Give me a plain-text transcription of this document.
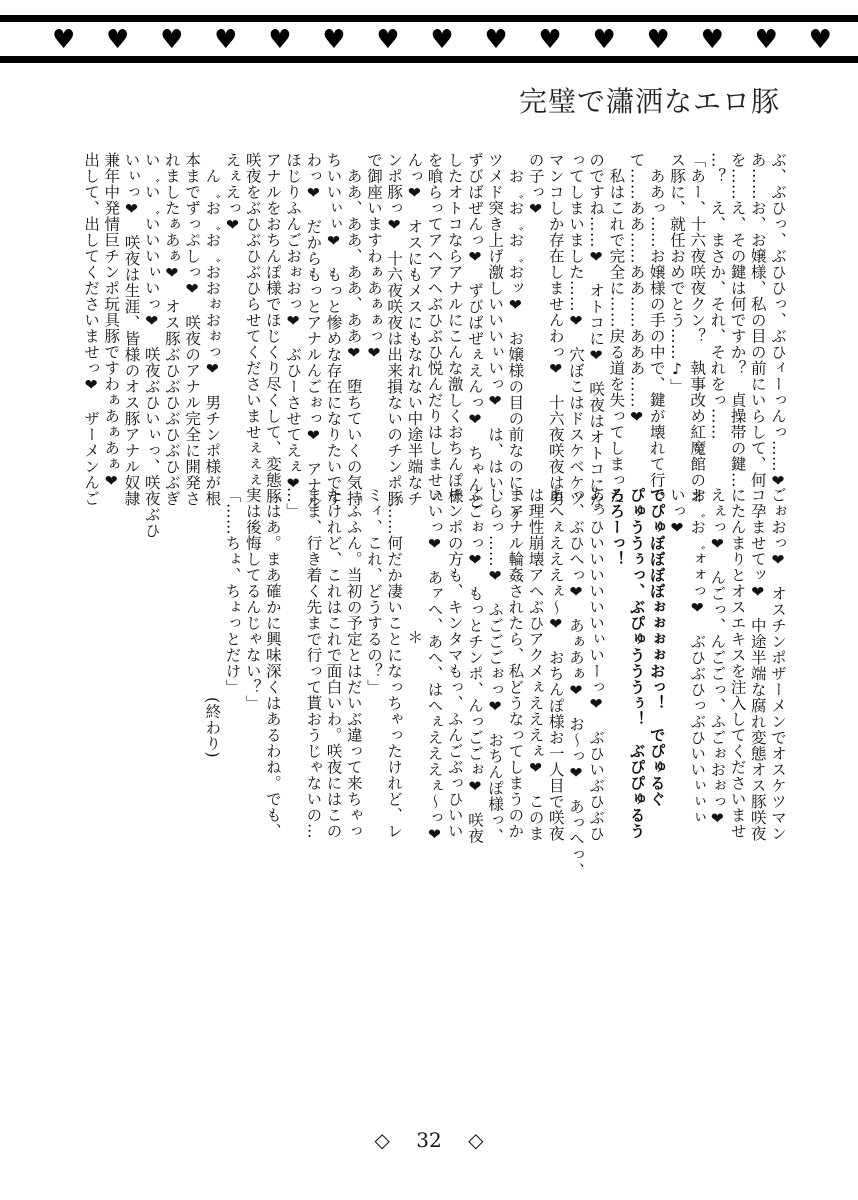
♥ ♥ ♥ ♥ ♥ ♥ ♥ ♥ ♥ ♥ ♥ ♥ ♥ ♥ ♥
完璧で瀟洒なエロ豚
ぶ、ぶひっ、ぶひひっ、ぶひィーっんっ……❤
あ……お、お嬢様、私の目の前にいらして、何
を……え、その鍵は何ですか？　貞操帯の鍵…
…？　え、まさか、それ、それをっ……
「あー、十六夜咲夜クン？　執事改め紅魔館のオ
ス豚に、就任おめでとう……♪」
　ああっ……お嬢様の手の中で、鍵が壊れて行っ
て……ああ……ああ……あああ……❤
　私はこれで完全に……戻る道を失ってしまった
のですね……❤　オトコに❤　咲夜はオトコにな
ってしまいました……❤　穴ぼこはドスケベケツ
マンコしか存在しませんわっ❤　十六夜咲夜は男
の子っ❤
　お゛お゛お゛おッ❤　お嬢様の目の前なのに、ケ
ツメド突き上げ激しいいいぃいっ❤　は、はい、
ずびばぜんっ❤　ずびばぜぇえんっ❤　ちゃんと
したオトコならアナルにこんな激しくおちんぽ様
を喰らってアヘアヘぶひぶひ悦んだりはしませぇ
んっ❤　オスにもメスにもなれない中途半端なチ
ンポ豚っ❤　十六夜咲夜は出来損ないのチンポ豚
で御座いますわぁあぁぁっ❤
　ああ、ああ、ああ、ああ❤　堕ちていくの気持
ちいいぃぃ❤　もっと惨めな存在になりたいです
わっ❤　だからもっとアナルんごぉっ❤　アナル
ほじりふんごおぉおっ❤　ぶひーさせてえぇ❤
アナルをおちんぽ様でほじくり尽くして、変態豚
咲夜をぶひぶひぶひらせてくださいませぇぇぇ
えぇえっ❤
　ん゛お゛お゛おおぉおぉっ❤　男チンポ様が根
本までずっぷしっ❤　咲夜のアナル完全に開発さ
れましたぁあぁ❤　オス豚ぶひぶひぶひぶひぶぎ
い゛い゛いいいぃいっ❤　咲夜ぶひいぃっ、咲夜ぶひ
いぃっ❤　咲夜は生涯、皆様のオス豚アナル奴隷
兼年中発情巨チンポ玩具豚ですわぁあぁあぁ❤
出して、出してくださいませっ❤　ザーメンんご
ごぉおっ❤　オスチンポザーメンでオスケツマン
コ孕ませてッ❤　中途半端な腐れ変態オス豚咲夜
にたんまりとオスエキスを注入してくださいませ
えぇっ❤　んごっ、んごごっ、ふごぉおぉっ❤
お゛お゛ォォっ❤　ぶひぶひっぶひいいぃぃぃ
いっ❤
でぴゅぼぼぼぼぉぉぉぉおっ！　でぴゅるぐ
ぴゅううぅっ、ぶぴゅうううぅ！　ぶぴぴゅるう
ろろーっ！
あっひいいいいいいぃいーっ❤　ぶひいぶひぶひ
っ、ぶひへっ❤　あぁあぁ❤　お〜っ❤　あっへっ、
あへぇえええぇ〜❤　おちんぽ様お一人目で咲夜
は理性崩壊アヘぶひアクメぇえええぇ❤　このま
まアナル輪姦されたら、私どうなってしまうのか
しらっ……❤　ふごごごぉっ❤　おちんぽ様っ、
ふごぉっ❤　もっとチンポ、んっごごぉ❤　咲夜
チンポの方も、キンタマもっ、ふんごぶっひいい
いいっ❤　あァへ、あへ、はへぇえええぇ〜っ❤
＊
「……何だか凄いことになっちゃったけれど、レ
ミィ、これ、どうするの？」
「ふふん。当初の予定とはだいぶ違って来ちゃっ
たけれど、これはこれで面白いわ。咲夜にはこの
まま、行き着く先まで行って貰おうじゃないの…
…」
「はあ。まあ確かに興味深くはあるわね。でも、
実は後悔してるんじゃない？」
「……ちょ、ちょっとだけ」
(終わり)
◇ 32 ◇
